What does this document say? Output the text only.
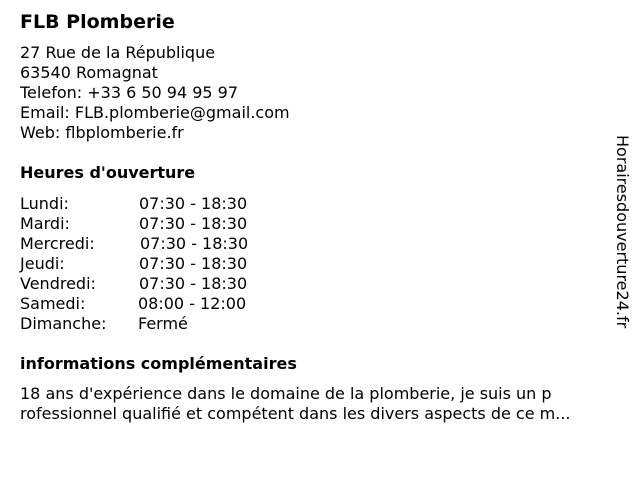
FLB Plomberie
27 Rue de la République
63540 Romagnat
Telefon: +33 6 50 94 95 97
Email: FLB.plomberie@gmail.com
Web: flbplomberie.fr
Heures d'ouverture
Lundi:	07:30 - 18:30
Mardi:	07:30 - 18:30
Mercredi:	07:30 - 18:30
Jeudi:	07:30 - 18:30
Vendredi:	07:30 - 18:30
Samedi:	08:00 - 12:00
Dimanche: Fermé
informations complémentaires
18 ans d'expérience dans le domaine de la plomberie, je suis un p
rofessionnel qualifié et compétent dans les divers aspects de ce m...
Horairesdouverture24.fr
